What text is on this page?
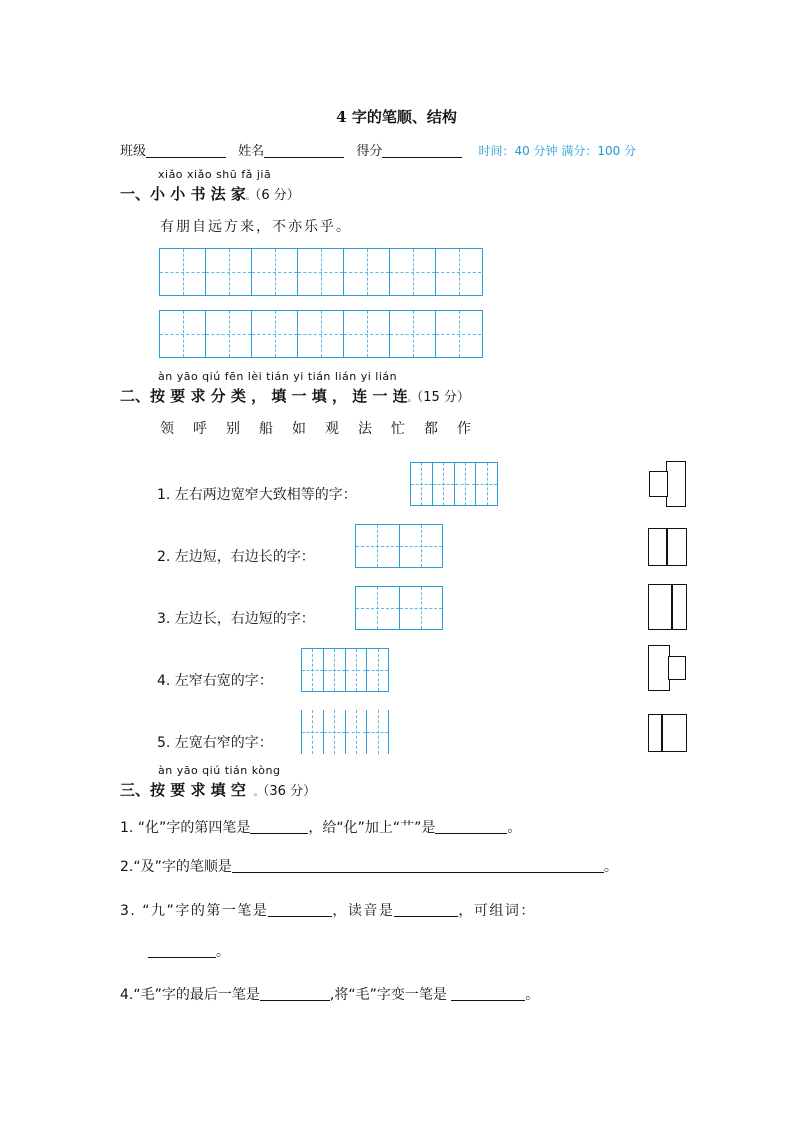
4 字的笔顺、结构
班级	姓名	得分	时间：40 分钟 满分：100 分
xiǎo xiǎo shū fǎ jiā
一、小 小 书 法 家。（6 分）
有朋自远方来，不亦乐乎。
àn yāo qiú fēn lèi tián yi tián lián yi lián
二、按 要 求 分 类 ， 填 一 填 ， 连 一 连。（15 分）
领呼别船如观法忙都作
1. 左右两边宽窄大致相等的字：
2. 左边短，右边长的字：
3. 左边长，右边短的字：
4. 左窄右宽的字：
5. 左宽右窄的字：
àn yāo qiú tián kòng
三、按 要 求 填 空 。（36 分）
1. “化”字的第四笔是	，给“化”加上“艹”是	。
2.“及”字的笔顺是	。
3. “九”字的第一笔是	，读音是	，可组词：
。
4.“毛”字的最后一笔是	,将“毛”字变一笔是	。
